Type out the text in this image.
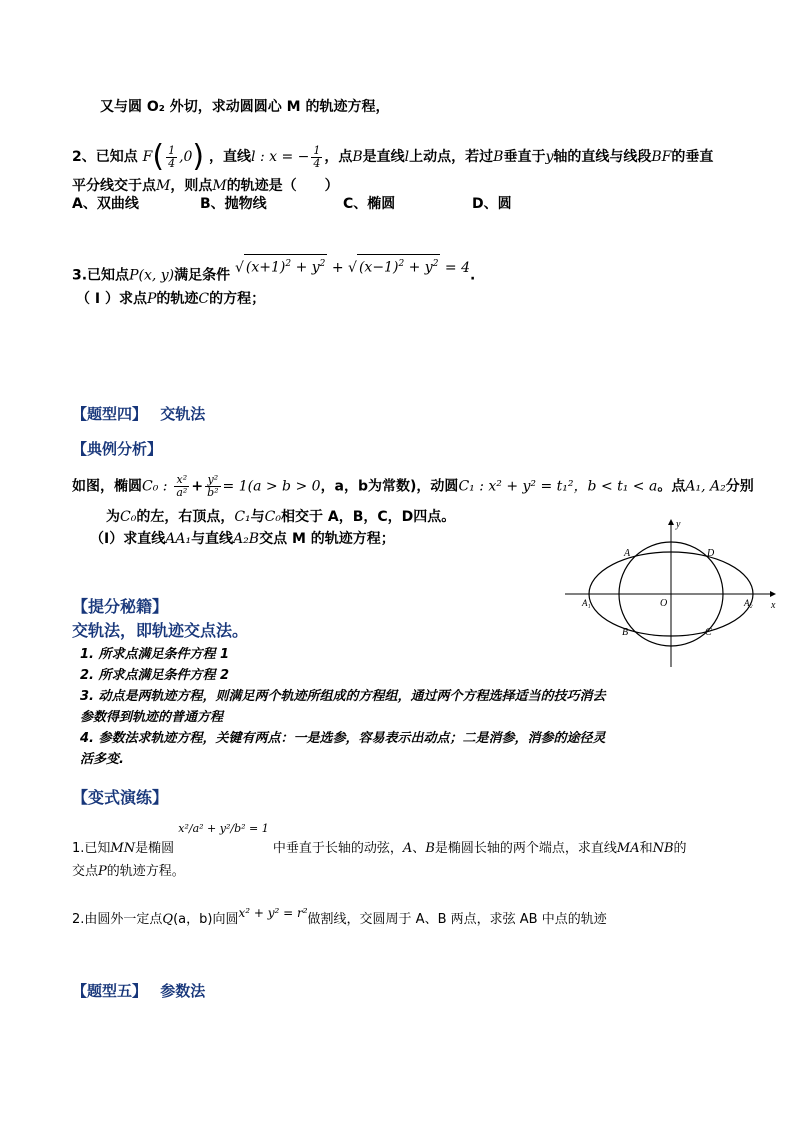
又与圆 O₂ 外切，求动圆圆心 M 的轨迹方程，
2、已知点 $F( \frac{1}{4} ,0)$ ，直线l : x = − $\frac{1}{4}$ ，点B是直线l上动点，若过B垂直于y轴的直线与线段BF的垂直
平分线交于点M，则点M的轨迹是（　　）
A、双曲线	B、抛物线	C、椭圆	D、圆
3.已知点P(x, y)满足条件 √ $(x+1)^2 + y^2$ + √ $(x-1)^2 + y^2 = 4$.
（ I ）求点P的轨迹C的方程；
【题型四】 交轨法
【典例分析】
如图，椭圆C₀ : $\frac{\text{x²}}{\text{a²}} + \frac{\text{y²}}{\text{b²}} = 1(a > b > 0$，a，b为常数)，动圆C₁ : x² + y² = t₁²，b < t₁ < a。点A₁, A₂分别
为C₀的左，右顶点，C₁与C₀相交于 A，B，C，D四点。
（I）求直线AA₁与直线A₂B交点 M 的轨迹方程；
y
x
O
A	D
B	C
A₁	A₂
【提分秘籍】
交轨法，即轨迹交点法。
1. 所求点满足条件方程 1
2. 所求点满足条件方程 2
3. 动点是两轨迹方程，则满足两个轨迹所组成的方程组，通过两个方程选择适当的技巧消去
参数得到轨迹的普通方程
4. 参数法求轨迹方程，关键有两点：一是选参，容易表示出动点；二是消参，消参的途径灵
活多变.
【变式演练】
1.已知MN是椭圆 $^{x^2/a^2 + y^2/b^2 = 1}$ 中垂直于长轴的动弦，A、B是椭圆长轴的两个端点，求直线MA和NB的
交点P的轨迹方程。
2.由圆外一定点Q(a，b)向圆x² + y² = r²做割线，交圆周于 A、B 两点，求弦 AB 中点的轨迹
【题型五】 参数法
